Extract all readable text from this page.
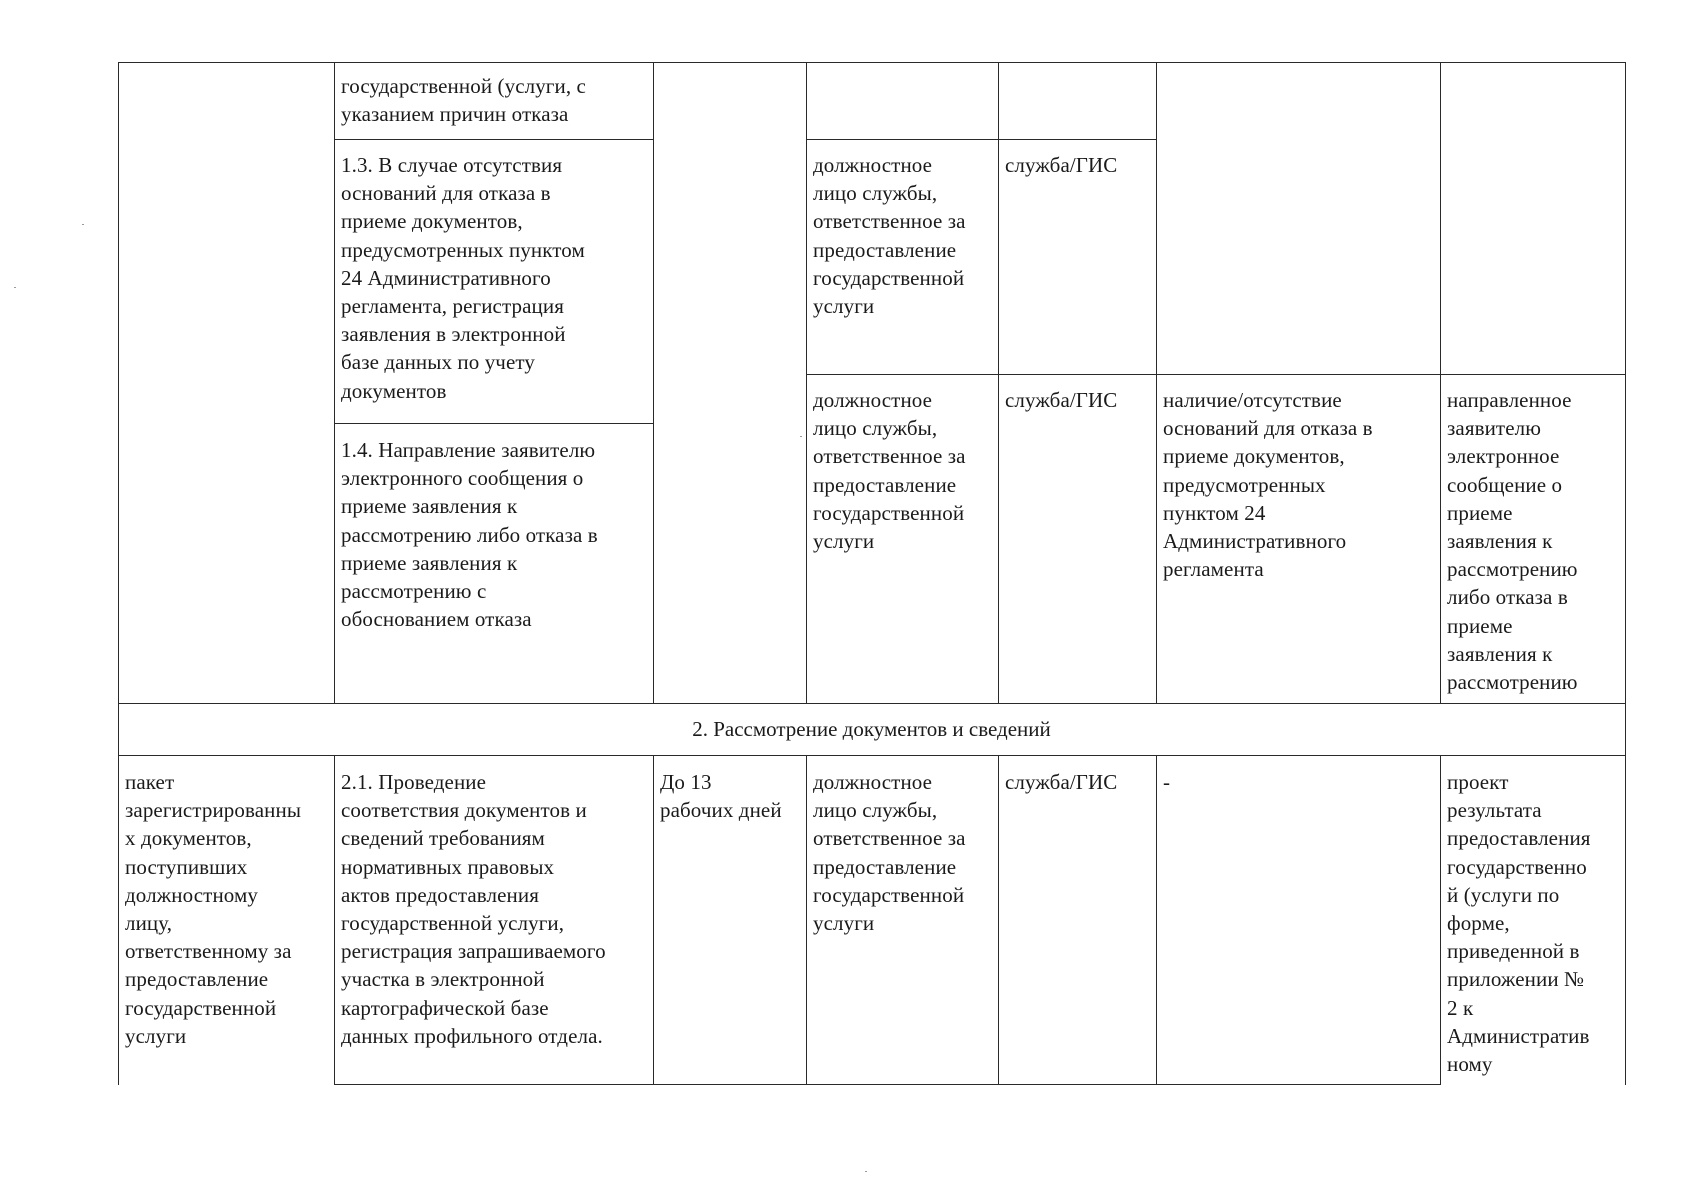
государственной (услуги, с
указанием причин отказа
1.3. В случае отсутствия
оснований для отказа в
приеме документов,
предусмотренных пунктом
24 Административного
регламента, регистрация
заявления в электронной
базе данных по учету
документов
должностное
лицо службы,
ответственное за
предоставление
государственной
услуги
служба/ГИС
1.4. Направление заявителю
электронного сообщения о
приеме заявления к
рассмотрению либо отказа в
приеме заявления к
рассмотрению с
обоснованием отказа
должностное
лицо службы,
ответственное за
предоставление
государственной
услуги
служба/ГИС наличие/отсутствие
оснований для отказа в
приеме документов,
предусмотренных
пунктом 24
Административного
регламента
направленное
заявителю
электронное
сообщение о
приеме
заявления к
рассмотрению
либо отказа в
приеме
заявления к
рассмотрению
2. Рассмотрение документов и сведений
пакет
зарегистрированны
х документов,
поступивших
должностному
лицу,
ответственному за
предоставление
государственной
услуги
2.1. Проведение
соответствия документов и
сведений требованиям
нормативных правовых
актов предоставления
государственной услуги,
регистрация запрашиваемого
участка в электронной
картографической базе
данных профильного отдела.
До 13
рабочих дней
должностное
лицо службы,
ответственное за
предоставление
государственной
услуги
служба/ГИС -	проект
результата
предоставления
государственно
й (услуги по
форме,
приведенной в
приложении №
2 к
Административ
ному
